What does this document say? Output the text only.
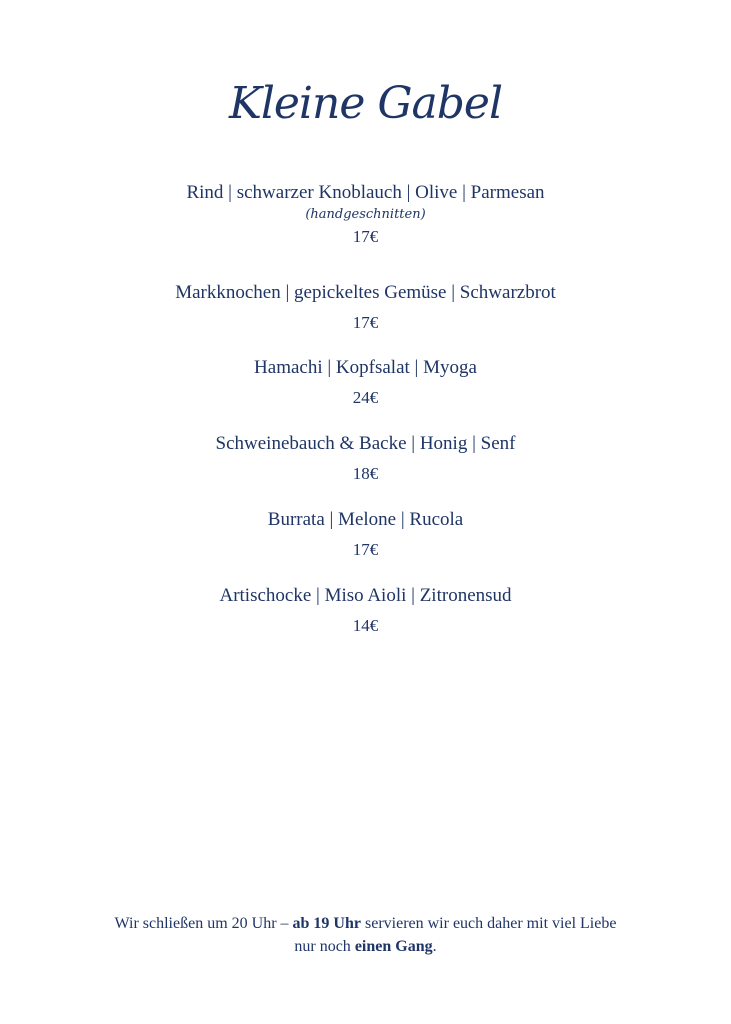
Kleine Gabel
Rind | schwarzer Knoblauch | Olive | Parmesan
(handgeschnitten)
17€
Markknochen | gepickeltes Gemüse | Schwarzbrot
17€
Hamachi | Kopfsalat | Myoga
24€
Schweinebauch & Backe | Honig | Senf
18€
Burrata | Melone | Rucola
17€
Artischocke | Miso Aioli | Zitronensud
14€
Wir schließen um 20 Uhr – ab 19 Uhr servieren wir euch daher mit viel Liebe
nur noch einen Gang.
